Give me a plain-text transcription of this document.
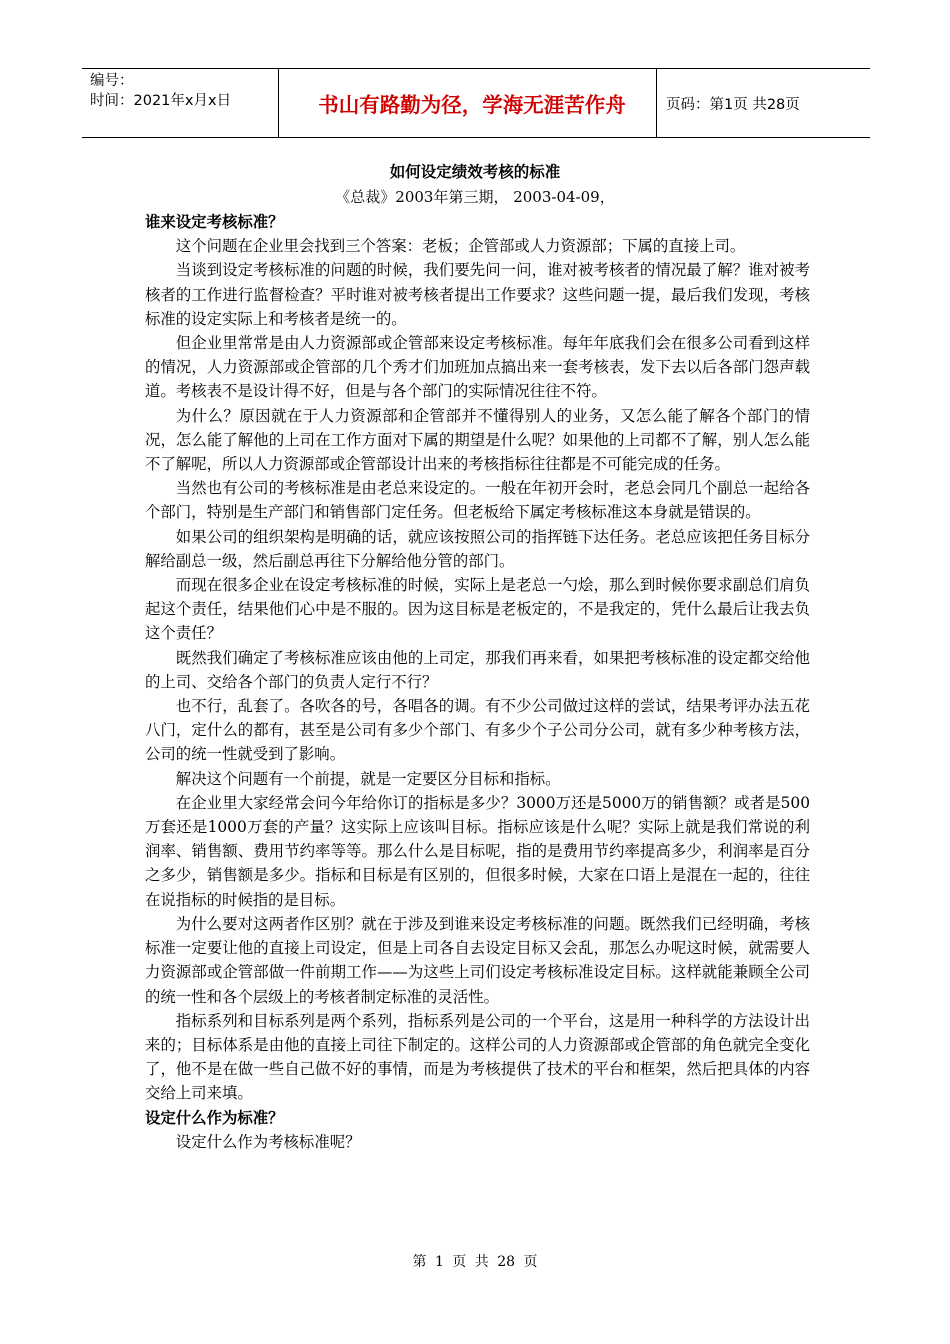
编号：
时间：2021年x月x日	书山有路勤为径，学海无涯苦作舟	页码：第1页 共28页
如何设定绩效考核的标准
《总裁》2003年第三期， 2003-04-09，
谁来设定考核标准？

这个问题在企业里会找到三个答案：老板；企管部或人力资源部；下属的直接上司。

当谈到设定考核标准的问题的时候，我们要先问一问，谁对被考核者的情况最了解？谁对被考核者的工作进行监督检查？平时谁对被考核者提出工作要求？这些问题一提，最后我们发现，考核标准的设定实际上和考核者是统一的。

但企业里常常是由人力资源部或企管部来设定考核标准。每年年底我们会在很多公司看到这样的情况，人力资源部或企管部的几个秀才们加班加点搞出来一套考核表，发下去以后各部门怨声载道。考核表不是设计得不好，但是与各个部门的实际情况往往不符。

为什么？原因就在于人力资源部和企管部并不懂得别人的业务，又怎么能了解各个部门的情况，怎么能了解他的上司在工作方面对下属的期望是什么呢？如果他的上司都不了解，别人怎么能不了解呢，所以人力资源部或企管部设计出来的考核指标往往都是不可能完成的任务。

当然也有公司的考核标准是由老总来设定的。一般在年初开会时，老总会同几个副总一起给各个部门，特别是生产部门和销售部门定任务。但老板给下属定考核标准这本身就是错误的。

如果公司的组织架构是明确的话，就应该按照公司的指挥链下达任务。老总应该把任务目标分解给副总一级，然后副总再往下分解给他分管的部门。

而现在很多企业在设定考核标准的时候，实际上是老总一勺烩，那么到时候你要求副总们肩负起这个责任，结果他们心中是不服的。因为这目标是老板定的，不是我定的，凭什么最后让我去负这个责任？

既然我们确定了考核标准应该由他的上司定，那我们再来看，如果把考核标准的设定都交给他的上司、交给各个部门的负责人定行不行？

也不行，乱套了。各吹各的号，各唱各的调。有不少公司做过这样的尝试，结果考评办法五花八门，定什么的都有，甚至是公司有多少个部门、有多少个子公司分公司，就有多少种考核方法，公司的统一性就受到了影响。

解决这个问题有一个前提，就是一定要区分目标和指标。

在企业里大家经常会问今年给你订的指标是多少？3000万还是5000万的销售额？或者是500万套还是1000万套的产量？这实际上应该叫目标。指标应该是什么呢？实际上就是我们常说的利润率、销售额、费用节约率等等。那么什么是目标呢，指的是费用节约率提高多少，利润率是百分之多少，销售额是多少。指标和目标是有区别的，但很多时候，大家在口语上是混在一起的，往往在说指标的时候指的是目标。

为什么要对这两者作区别？就在于涉及到谁来设定考核标准的问题。既然我们已经明确，考核标准一定要让他的直接上司设定，但是上司各自去设定目标又会乱，那怎么办呢这时候，就需要人力资源部或企管部做一件前期工作——为这些上司们设定考核标准设定目标。这样就能兼顾全公司的统一性和各个层级上的考核者制定标准的灵活性。

指标系列和目标系列是两个系列，指标系列是公司的一个平台，这是用一种科学的方法设计出来的；目标体系是由他的直接上司往下制定的。这样公司的人力资源部或企管部的角色就完全变化了，他不是在做一些自己做不好的事情，而是为考核提供了技术的平台和框架，然后把具体的内容交给上司来填。

设定什么作为标准？

设定什么作为考核标准呢？

第 1 页 共 28 页
